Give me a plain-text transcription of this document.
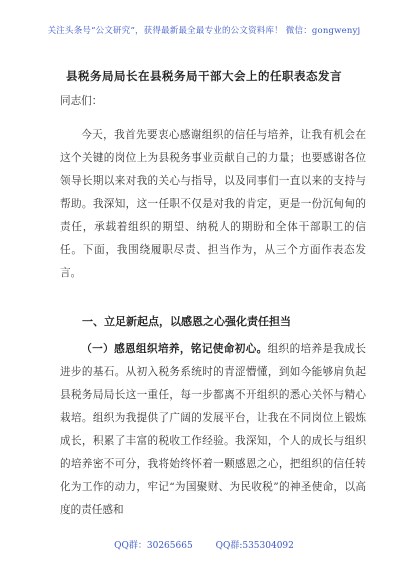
关注头条号“公文研究”，获得最新最全最专业的公文资料库！ 微信：gongwenyj
县税务局局长在县税务局干部大会上的任职表态发言

同志们：

今天，我首先要衷心感谢组织的信任与培养，让我有机会在这个关键的岗位上为县税务事业贡献自己的力量；也要感谢各位领导长期以来对我的关心与指导，以及同事们一直以来的支持与帮助。我深知，这一任职不仅是对我的肯定，更是一份沉甸甸的责任，承载着组织的期望、纳税人的期盼和全体干部职工的信任。下面，我围绕履职尽责、担当作为，从三个方面作表态发言。

一、立足新起点，以感恩之心强化责任担当

（一）感恩组织培养，铭记使命初心。组织的培养是我成长进步的基石。从初入税务系统时的青涩懵懂，到如今能够肩负起县税务局局长这一重任，每一步都离不开组织的悉心关怀与精心栽培。组织为我提供了广阔的发展平台，让我在不同岗位上锻炼成长，积累了丰富的税收工作经验。我深知，个人的成长与组织的培养密不可分，我将始终怀着一颗感恩之心，把组织的信任转化为工作的动力，牢记“为国聚财、为民收税”的神圣使命，以高度的责任感和

QQ群：30265665	QQ群:535304092
